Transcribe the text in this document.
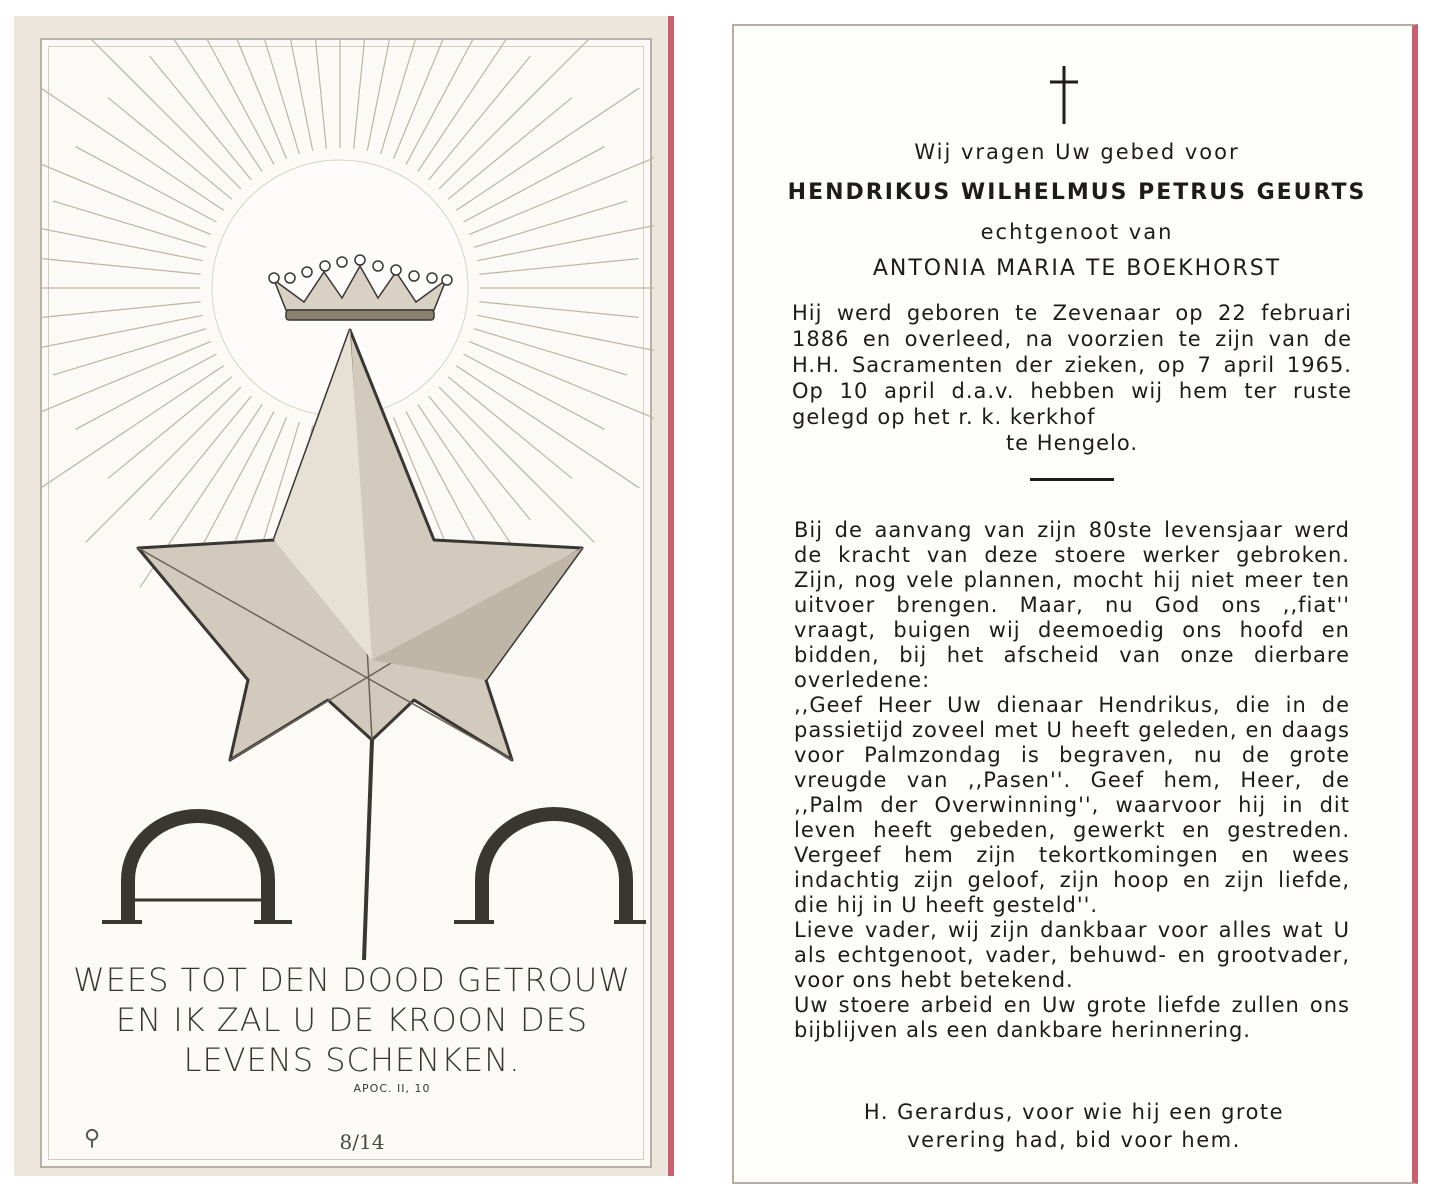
WEES TOT DEN DOOD GETROUW
EN IK ZAL U DE KROON DES
LEVENS SCHENKEN.
APOC. II, 10
⚲	8/14
Wij vragen Uw gebed voor
HENDRIKUS WILHELMUS PETRUS GEURTS
echtgenoot van
ANTONIA MARIA TE BOEKHORST
Hij werd geboren te Zevenaar op 22 februari 1886 en overleed, na voorzien te zijn van de H.H. Sacramenten der zieken, op 7 april 1965. Op 10 april d.a.v. hebben wij hem ter ruste gelegd op het r. k. kerkhof
te Hengelo.

Bij de aanvang van zijn 80ste levensjaar werd de kracht van deze stoere werker gebroken. Zijn, nog vele plannen, mocht hij niet meer ten uitvoer brengen. Maar, nu God ons ,,fiat'' vraagt, buigen wij deemoedig ons hoofd en bidden, bij het afscheid van onze dierbare overledene:

,,Geef Heer Uw dienaar Hendrikus, die in de passietijd zoveel met U heeft geleden, en daags voor Palmzondag is begraven, nu de grote vreugde van ,,Pasen''. Geef hem, Heer, de ,,Palm der Overwinning'', waarvoor hij in dit leven heeft gebeden, gewerkt en gestreden. Vergeef hem zijn tekortkomingen en wees indachtig zijn geloof, zijn hoop en zijn liefde, die hij in U heeft gesteld''.

Lieve vader, wij zijn dankbaar voor alles wat U als echtgenoot, vader, behuwd- en grootvader, voor ons hebt betekend.

Uw stoere arbeid en Uw grote liefde zullen ons bijblijven als een dankbare herinnering.

H. Gerardus, voor wie hij een grote
verering had, bid voor hem.
